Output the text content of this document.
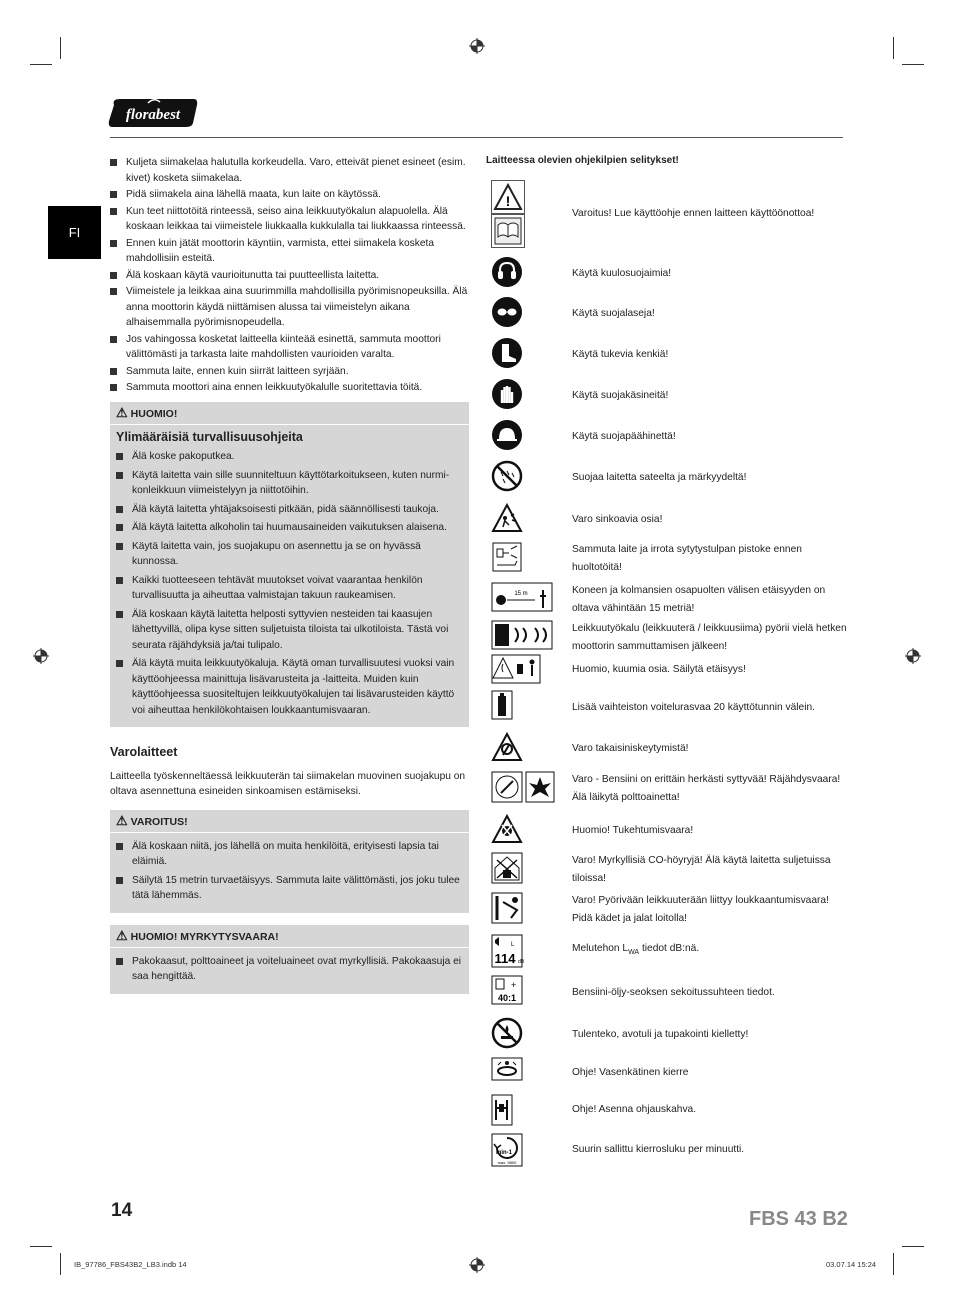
florabest
FI
Kuljeta siimakelaa halutulla korkeudella. Varo, etteivät pienet esineet (esim. kivet) kosketa siimakelaa.
Pidä siimakela aina lähellä maata, kun laite on käytössä.
Kun teet niittotöitä rinteessä, seiso aina leikkuutyökalun alapuolella. Älä koskaan leikkaa tai viimeistele liukkaalla kukkulalla tai liukkaassa rinteessä.
Ennen kuin jätät moottorin käyntiin, varmista, ettei siimakela kosketa mahdollisiin esteitä.
Älä koskaan käytä vaurioitunutta tai puutteellista laitetta.
Viimeistele ja leikkaa aina suurimmilla mahdollisilla pyörimisnopeuksilla. Älä anna moottorin käydä niittämisen alussa tai viimeistelyn aikana alhaisemmalla pyörimisnopeudella.
Jos vahingossa kosketat laitteella kiinteää esinettä, sammuta moottori välittömästi ja tarkasta laite mahdollisten vaurioiden varalta.
Sammuta laite, ennen kuin siirrät laitteen syrjään.
Sammuta moottori aina ennen leikkuutyökalulle suoritettavia töitä.
⚠ HUOMIO!
Ylimääräisiä turvallisuusohjeita
Älä koske pakoputkea.
Käytä laitetta vain sille suunniteltuun käyttötarkoitukseen, kuten nurmi-konleikkuun viimeistelyyn ja niittotöihin.
Älä käytä laitetta yhtäjaksoisesti pitkään, pidä säännöllisesti taukoja.
Älä käytä laitetta alkoholin tai huumausaineiden vaikutuksen alaisena.
Käytä laitetta vain, jos suojakupu on asennettu ja se on hyvässä kunnossa.
Kaikki tuotteeseen tehtävät muutokset voivat vaarantaa henkilön turvallisuutta ja aiheuttaa valmistajan takuun raukeamisen.
Älä koskaan käytä laitetta helposti syttyvien nesteiden tai kaasujen lähettyvillä, olipa kyse sitten suljetuista tiloista tai ulkotiloista. Tästä voi seurata räjähdyksiä ja/tai tulipalo.
Älä käytä muita leikkuutyökaluja. Käytä oman turvallisuutesi vuoksi vain käyttöohjeessa mainittuja lisävarusteita ja -laitteita. Muiden kuin käyttöohjeessa suositeltujen leikkuutyökalujen tai lisävarusteiden käyttö voi aiheuttaa henkilökohtaisen loukkaantumisvaaran.
Varolaitteet

Laitteella työskenneltäessä leikkuuterän tai siimakelan muovinen suojakupu on oltava asennettuna esineiden sinkoamisen estämiseksi.

⚠ VAROITUS!
Älä koskaan niitä, jos lähellä on muita henkilöitä, erityisesti lapsia tai eläimiä.
Säilytä 15 metrin turvaetäisyys. Sammuta laite välittömästi, jos joku tulee tätä lähemmäs.
⚠ HUOMIO! MYRKYTYSVAARA!
Pakokaasut, polttoaineet ja voiteluaineet ovat myrkyllisiä. Pakokaasuja ei saa hengittää.
Laitteessa olevien ohjekilpien selitykset!
!
Varoitus! Lue käyttöohje ennen laitteen käyttöönottoa!
Käytä kuulosuojaimia!
Käytä suojalaseja!
Käytä tukevia kenkiä!
Käytä suojakäsineitä!
Käytä suojapäähinettä!
Suojaa laitetta sateelta ja märkyydeltä!
Varo sinkoavia osia!
Sammuta laite ja irrota sytytystulpan pistoke ennen huoltotöitä!
15 m	Koneen ja kolmansien osapuolten välisen etäisyyden on oltava vähintään 15 metriä!
Leikkuutyökalu (leikkuuterä / leikkuusiima) pyörii vielä hetken moottorin sammuttamisen jälkeen!
Huomio, kuumia osia. Säilytä etäisyys!
Lisää vaihteiston voitelurasvaa 20 käyttötunnin välein.
Varo takaisiniskeytymistä!
Varo - Bensiini on erittäin herkästi syttyvää! Räjähdysvaara! Älä läikytä polttoainetta!
Huomio! Tukehtumisvaara!
Varo! Myrkyllisiä CO-höyryjä! Älä käytä laitetta suljetuissa tiloissa!
Varo! Pyörivään leikkuuterään liittyy loukkaantumisvaara! Pidä kädet ja jalat loitolla!
L
114 dB
Melutehon $L_{WA}$ tiedot dB:nä.
+
40:1	Bensiini-öljy-seoksen sekoitussuhteen tiedot.
Tulenteko, avotuli ja tupakointi kielletty!
Ohje! Vasenkätinen kierre
Ohje! Asenna ohjauskahva.
min-1
max. 9800
Suurin sallittu kierrosluku per minuutti.
14	FBS 43 B2
IB_97786_FBS43B2_LB3.indb 14	03.07.14 15:24
